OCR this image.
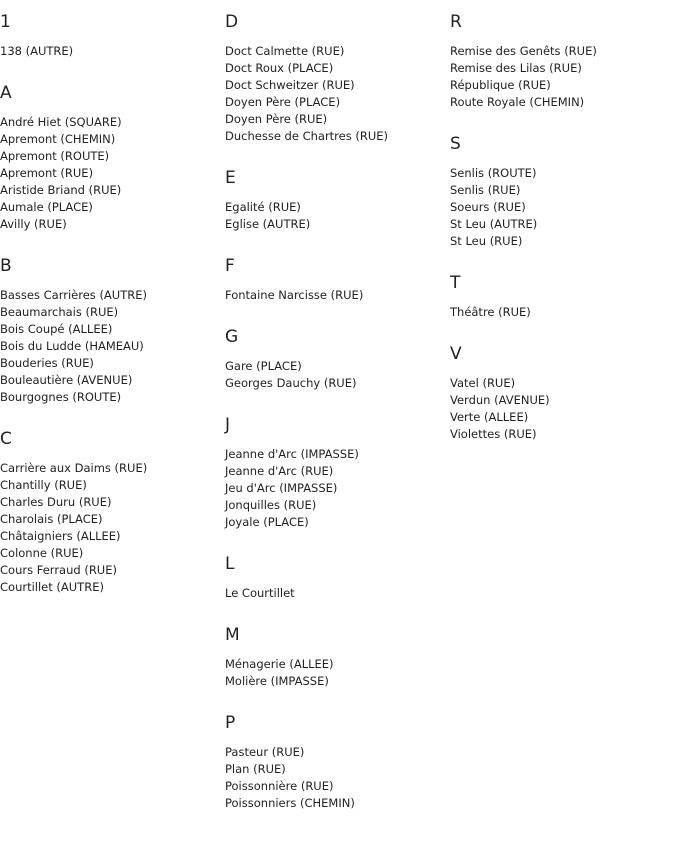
1
138 (AUTRE)
A
André Hiet (SQUARE)
Apremont (CHEMIN)
Apremont (ROUTE)
Apremont (RUE)
Aristide Briand (RUE)
Aumale (PLACE)
Avilly (RUE)
B
Basses Carrières (AUTRE)
Beaumarchais (RUE)
Bois Coupé (ALLEE)
Bois du Ludde (HAMEAU)
Bouderies (RUE)
Bouleautière (AVENUE)
Bourgognes (ROUTE)
C
Carrière aux Daims (RUE)
Chantilly (RUE)
Charles Duru (RUE)
Charolais (PLACE)
Châtaigniers (ALLEE)
Colonne (RUE)
Cours Ferraud (RUE)
Courtillet (AUTRE)
D
Doct Calmette (RUE)
Doct Roux (PLACE)
Doct Schweitzer (RUE)
Doyen Père (PLACE)
Doyen Père (RUE)
Duchesse de Chartres (RUE)
E
Egalité (RUE)
Eglise (AUTRE)
F
Fontaine Narcisse (RUE)
G
Gare (PLACE)
Georges Dauchy (RUE)
J
Jeanne d'Arc (IMPASSE)
Jeanne d'Arc (RUE)
Jeu d'Arc (IMPASSE)
Jonquilles (RUE)
Joyale (PLACE)
L
Le Courtillet
M
Ménagerie (ALLEE)
Molière (IMPASSE)
P
Pasteur (RUE)
Plan (RUE)
Poissonnière (RUE)
Poissonniers (CHEMIN)
R
Remise des Genêts (RUE)
Remise des Lilas (RUE)
République (RUE)
Route Royale (CHEMIN)
S
Senlis (ROUTE)
Senlis (RUE)
Soeurs (RUE)
St Leu (AUTRE)
St Leu (RUE)
T
Théâtre (RUE)
V
Vatel (RUE)
Verdun (AVENUE)
Verte (ALLEE)
Violettes (RUE)
